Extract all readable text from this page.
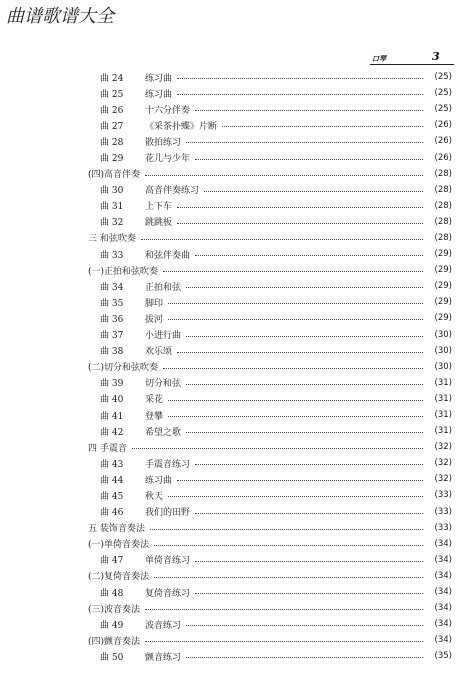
曲谱歌谱大全
口琴	3
曲 24	练习曲	(25)
曲 25	练习曲	(25)
曲 26	十六分伴奏	(25)
曲 27	《采茶扑蝶》片断	(26)
曲 28	散拍练习	(26)
曲 29	花儿与少年	(26)
(四)高音伴奏	(28)
曲 30	高音伴奏练习	(28)
曲 31	上下车	(28)
曲 32	跳跳板	(28)
三 和弦吹奏	(28)
曲 33	和弦伴奏曲	(29)
(一)正拍和弦吹奏	(29)
曲 34	正拍和弦	(29)
曲 35	脚印	(29)
曲 36	拔河	(29)
曲 37	小进行曲	(30)
曲 38	欢乐颂	(30)
(二)切分和弦吹奏	(30)
曲 39	切分和弦	(31)
曲 40	采花	(31)
曲 41	登攀	(31)
曲 42	希望之歌	(31)
四 手震音	(32)
曲 43	手震音练习	(32)
曲 44	练习曲	(32)
曲 45	秋天	(33)
曲 46	我们的田野	(33)
五 装饰音奏法	(33)
(一)单倚音奏法	(34)
曲 47	单倚音练习	(34)
(二)复倚音奏法	(34)
曲 48	复倚音练习	(34)
(三)波音奏法	(34)
曲 49	波音练习	(34)
(四)颤音奏法	(34)
曲 50	颤音练习	(35)
